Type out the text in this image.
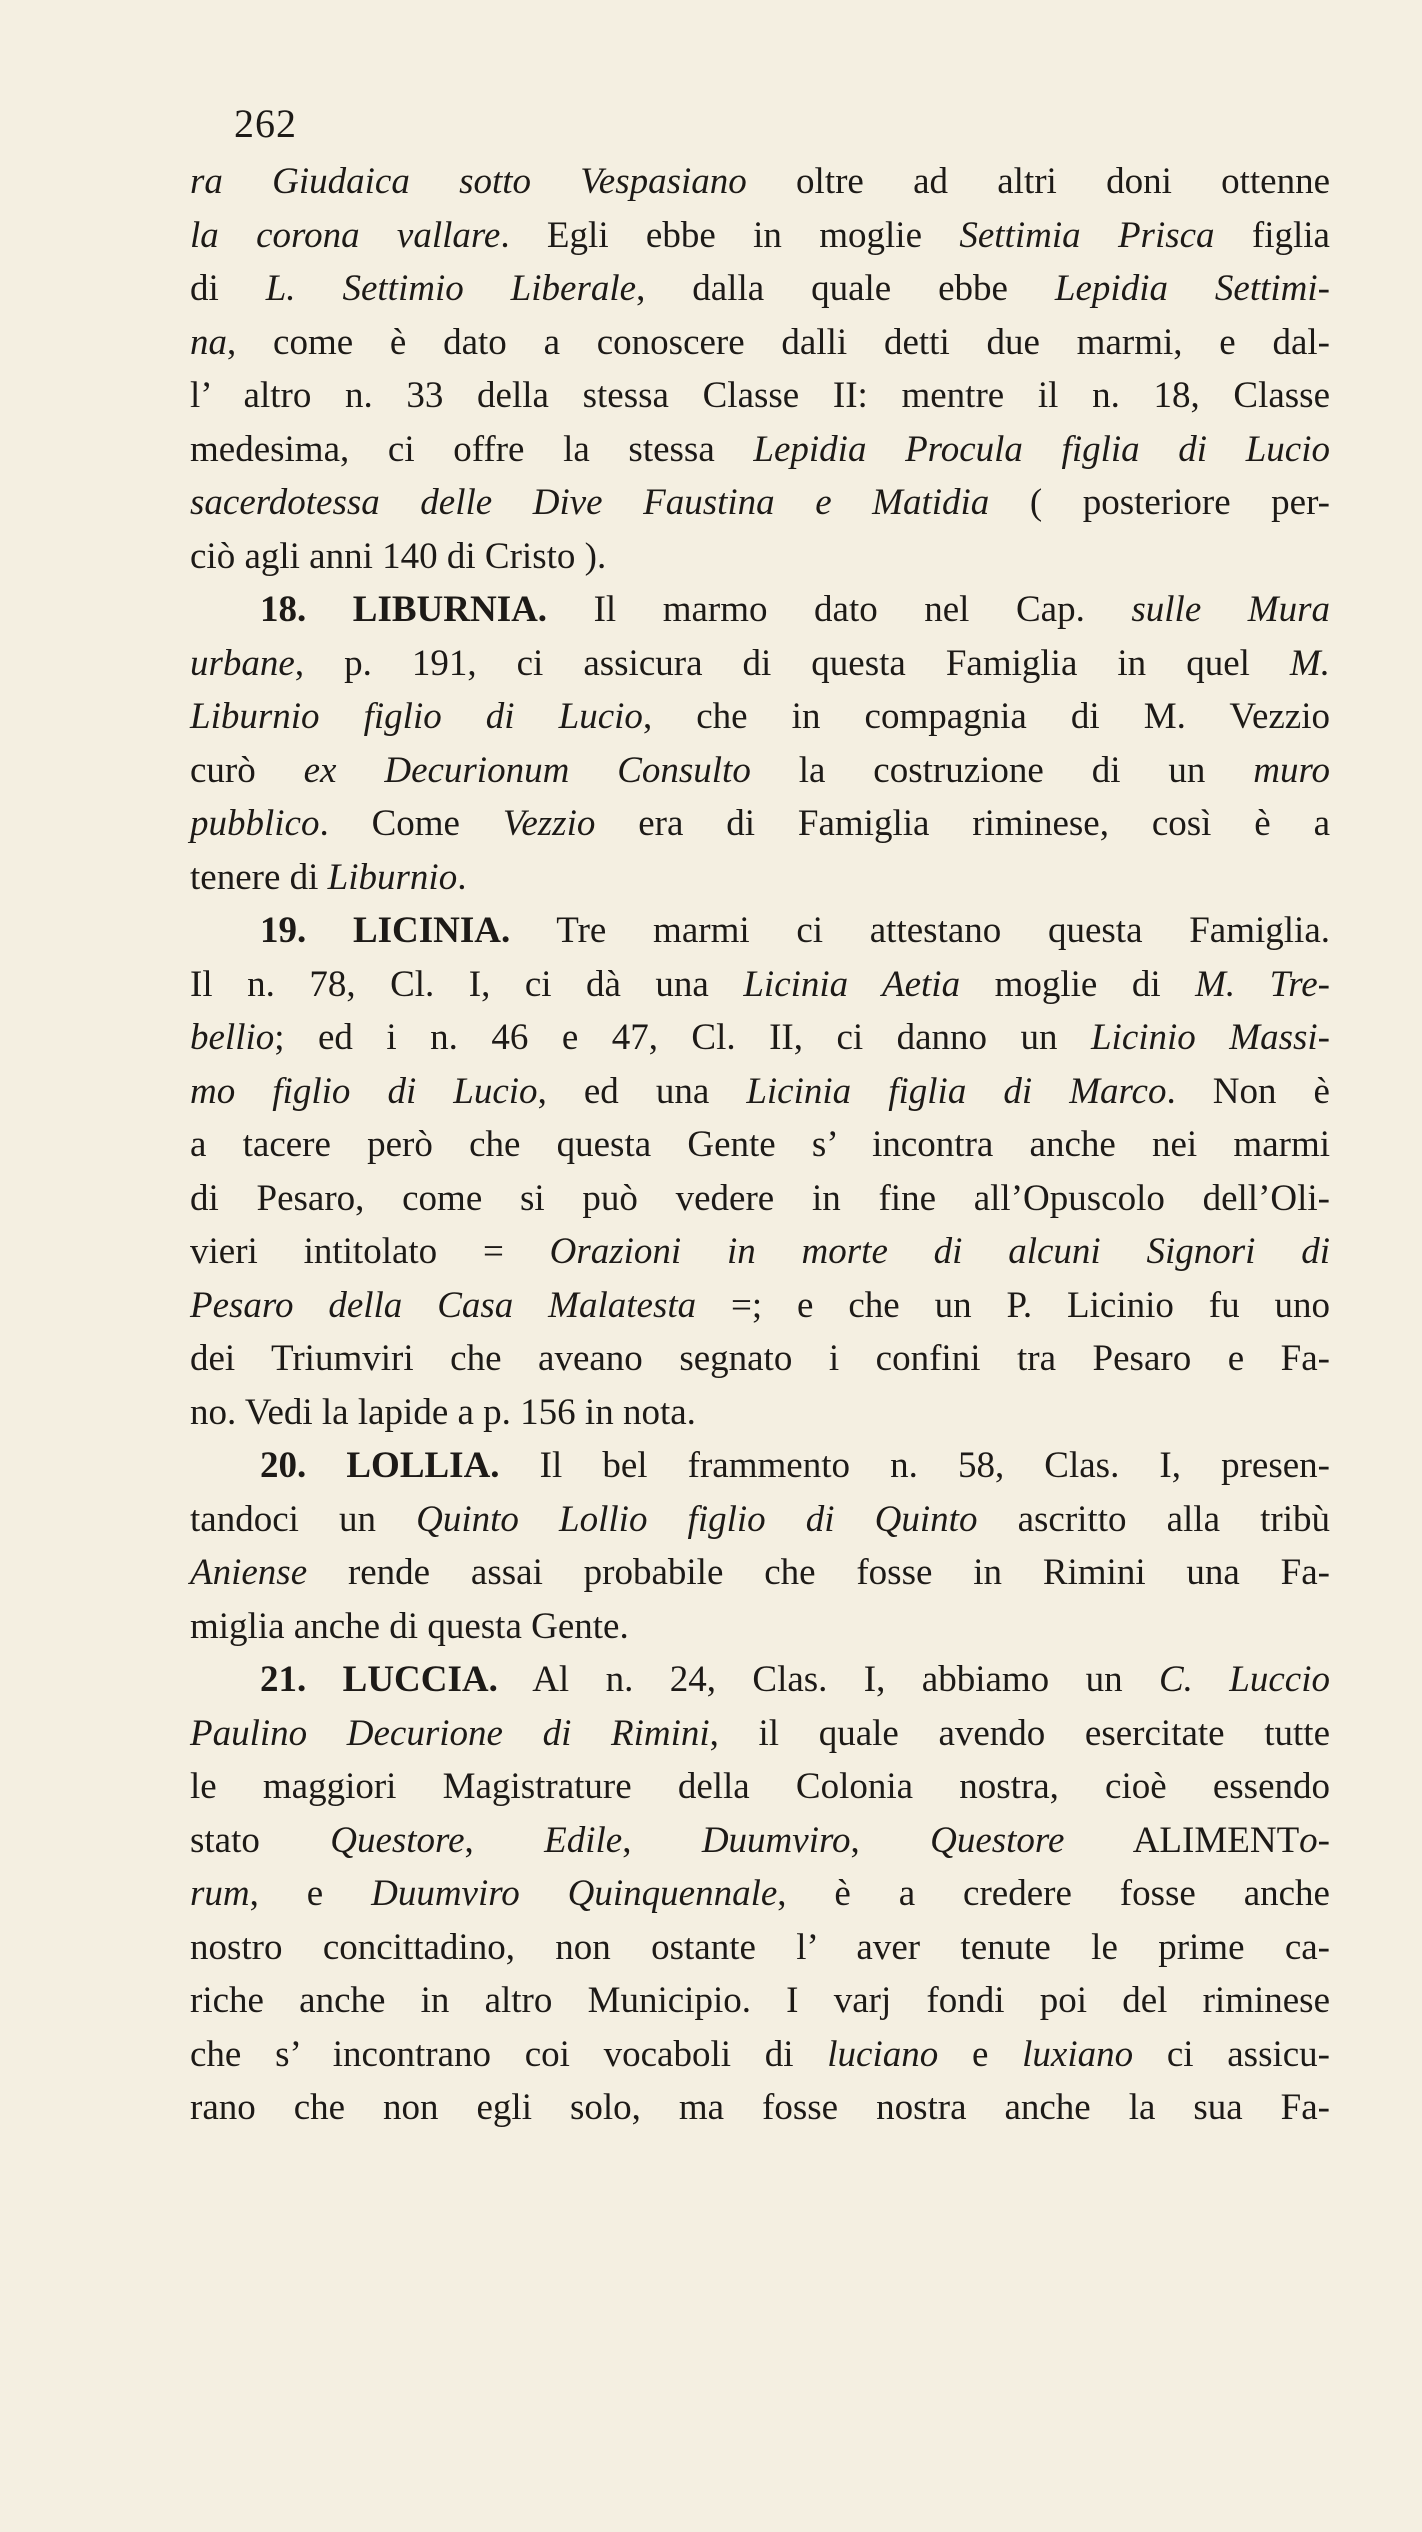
262
ra Giudaica sotto Vespasiano oltre ad altri doni ottenne
la corona vallare. Egli ebbe in moglie Settimia Prisca figlia
di L. Settimio Liberale, dalla quale ebbe Lepidia Settimi-
na, come è dato a conoscere dalli detti due marmi, e dal-
l’ altro n. 33 della stessa Classe II: mentre il n. 18, Classe
medesima, ci offre la stessa Lepidia Procula figlia di Lucio
sacerdotessa delle Dive Faustina e Matidia ( posteriore per-
ciò agli anni 140 di Cristo ).
18. LIBURNIA. Il marmo dato nel Cap. sulle Mura
urbane, p. 191, ci assicura di questa Famiglia in quel M.
Liburnio figlio di Lucio, che in compagnia di M. Vezzio
curò ex Decurionum Consulto la costruzione di un muro
pubblico. Come Vezzio era di Famiglia riminese, così è a
tenere di Liburnio.
19. LICINIA. Tre marmi ci attestano questa Famiglia.
Il n. 78, Cl. I, ci dà una Licinia Aetia moglie di M. Tre-
bellio; ed i n. 46 e 47, Cl. II, ci danno un Licinio Massi-
mo figlio di Lucio, ed una Licinia figlia di Marco. Non è
a tacere però che questa Gente s’ incontra anche nei marmi
di Pesaro, come si può vedere in fine all’Opuscolo dell’Oli-
vieri intitolato = Orazioni in morte di alcuni Signori di
Pesaro della Casa Malatesta =; e che un P. Licinio fu uno
dei Triumviri che aveano segnato i confini tra Pesaro e Fa-
no. Vedi la lapide a p. 156 in nota.
20. LOLLIA. Il bel frammento n. 58, Clas. I, presen-
tandoci un Quinto Lollio figlio di Quinto ascritto alla tribù
Aniense rende assai probabile che fosse in Rimini una Fa-
miglia anche di questa Gente.
21. LUCCIA. Al n. 24, Clas. I, abbiamo un C. Luccio
Paulino Decurione di Rimini, il quale avendo esercitate tutte
le maggiori Magistrature della Colonia nostra, cioè essendo
stato Questore, Edile, Duumviro, Questore ALIMENTo-
rum, e Duumviro Quinquennale, è a credere fosse anche
nostro concittadino, non ostante l’ aver tenute le prime ca-
riche anche in altro Municipio. I varj fondi poi del riminese
che s’ incontrano coi vocaboli di luciano e luxiano ci assicu-
rano che non egli solo, ma fosse nostra anche la sua Fa-
